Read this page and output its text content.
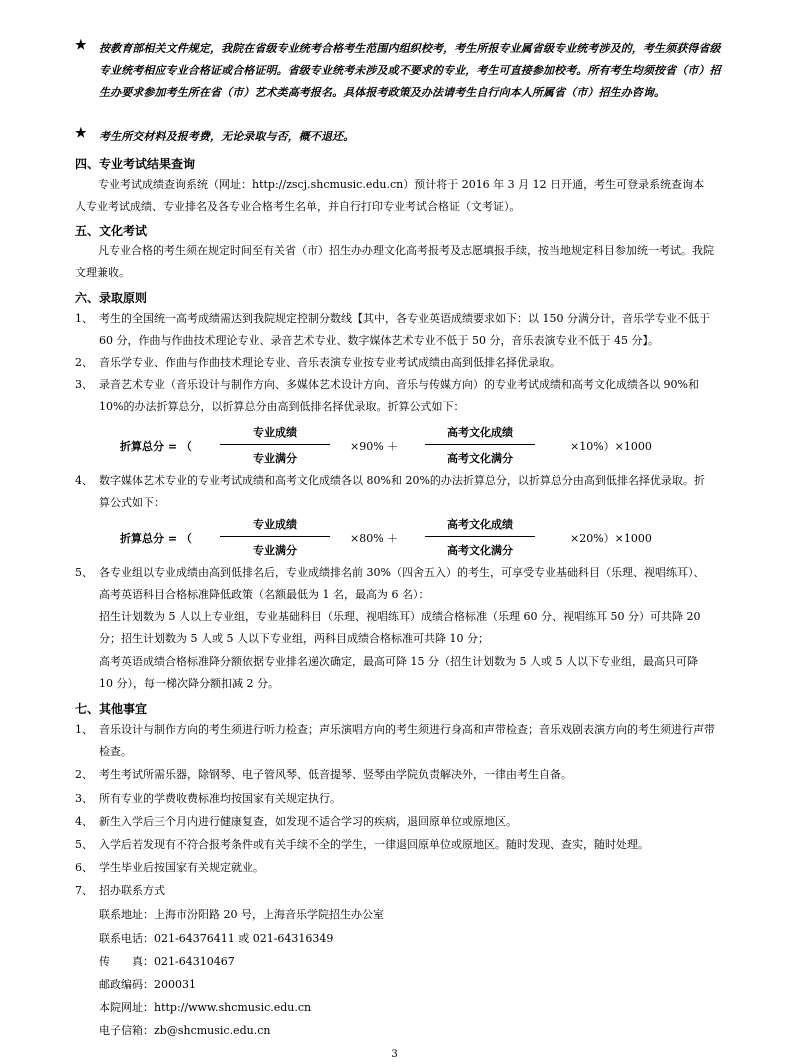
★ 按教育部相关文件规定，我院在省级专业统考合格考生范围内组织校考，考生所报专业属省级专业统考涉及的，考生须获得省级专业统考相应专业合格证或合格证明。省级专业统考未涉及或不要求的专业，考生可直接参加校考。所有考生均须按省（市）招生办要求参加考生所在省（市）艺术类高考报名。具体报考政策及办法请考生自行向本人所属省（市）招生办咨询。
★ 考生所交材料及报考费，无论录取与否，概不退还。
四、专业考试结果查询
专业考试成绩查询系统（网址：http://zscj.shcmusic.edu.cn）预计将于 2016 年 3 月 12 日开通，考生可登录系统查询本人专业考试成绩、专业排名及各专业合格考生名单，并自行打印专业考试合格证（文考证）。
五、文化考试
凡专业合格的考生须在规定时间至有关省（市）招生办办理文化高考报考及志愿填报手续，按当地规定科目参加统一考试。我院文理兼收。
六、录取原则
1、 考生的全国统一高考成绩需达到我院规定控制分数线【其中，各专业英语成绩要求如下：以 150 分满分计，音乐学专业不低于 60 分，作曲与作曲技术理论专业、录音艺术专业、数字媒体艺术专业不低于 50 分，音乐表演专业不低于 45 分】。
2、 音乐学专业、作曲与作曲技术理论专业、音乐表演专业按专业考试成绩由高到低排名择优录取。
3、 录音艺术专业（音乐设计与制作方向、多媒体艺术设计方向、音乐与传媒方向）的专业考试成绩和高考文化成绩各以 90%和 10%的办法折算总分，以折算总分由高到低排名择优录取。折算公式如下：
折算总分 = （
专业成绩
专业满分
×90% ＋
高考文化成绩
高考文化满分
×10%）×1000
4、 数字媒体艺术专业的专业考试成绩和高考文化成绩各以 80%和 20%的办法折算总分，以折算总分由高到低排名择优录取。折算公式如下：
折算总分 = （
专业成绩
专业满分
×80% ＋
高考文化成绩
高考文化满分
×20%）×1000
5、 各专业组以专业成绩由高到低排名后，专业成绩排名前 30%（四舍五入）的考生，可享受专业基础科目（乐理、视唱练耳）、高考英语科目合格标准降低政策（名额最低为 1 名，最高为 6 名）：
招生计划数为 5 人以上专业组，专业基础科目（乐理、视唱练耳）成绩合格标准（乐理 60 分、视唱练耳 50 分）可共降 20 分；招生计划数为 5 人或 5 人以下专业组，两科目成绩合格标准可共降 10 分；
高考英语成绩合格标准降分额依据专业排名递次确定，最高可降 15 分（招生计划数为 5 人或 5 人以下专业组，最高只可降 10 分），每一梯次降分额扣减 2 分。
七、其他事宜
1、 音乐设计与制作方向的考生须进行听力检查；声乐演唱方向的考生须进行身高和声带检查；音乐戏剧表演方向的考生须进行声带检查。
2、 考生考试所需乐器，除钢琴、电子管风琴、低音提琴、竖琴由学院负责解决外，一律由考生自备。
3、 所有专业的学费收费标准均按国家有关规定执行。
4、 新生入学后三个月内进行健康复查，如发现不适合学习的疾病，退回原单位或原地区。
5、 入学后若发现有不符合报考条件或有关手续不全的学生，一律退回原单位或原地区。随时发现、查实，随时处理。
6、 学生毕业后按国家有关规定就业。
7、 招办联系方式
联系地址：上海市汾阳路 20 号，上海音乐学院招生办公室
联系电话：021-64376411 或 021-64316349
传　　真：021-64310467
邮政编码：200031
本院网址：http://www.shcmusic.edu.cn
电子信箱：zb@shcmusic.edu.cn
3
